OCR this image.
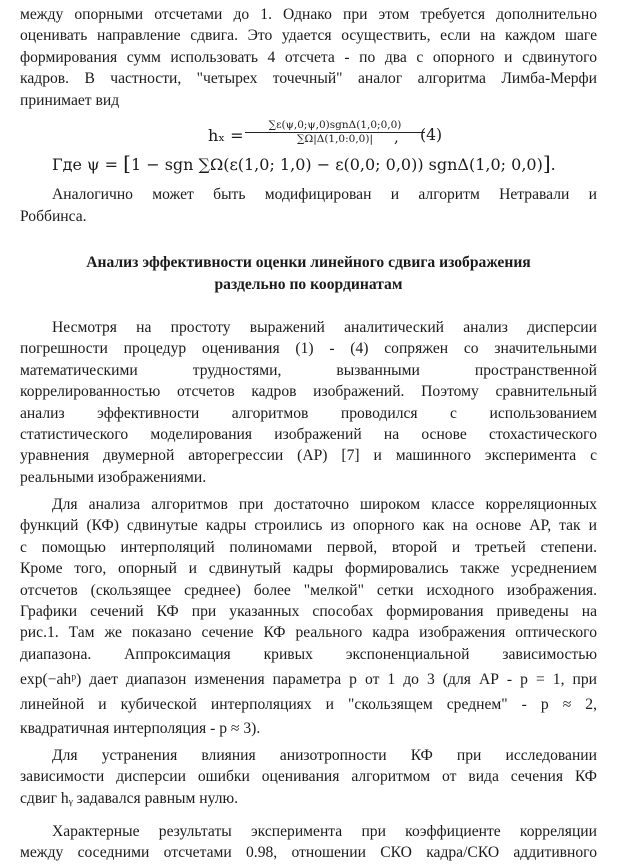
между опорными отсчетами до 1. Однако при этом требуется дополнительно
оценивать направление сдвига. Это удается осуществить, если на каждом шаге
формирования сумм использовать 4 отсчета - по два с опорного и сдвинутого
кадров. В частности, "четырех точечный" аналог алгоритма Лимба-Мерфи
принимает вид
hₓ =
∑ε(ψ,0;ψ,0)sgnΔ(1,0;0,0)
∑Ω|Δ(1,0:0,0)|	, (4)
Где ψ = [1 − sgn ∑Ω(ε(1,0; 1,0) − ε(0,0; 0,0)) sgnΔ(1,0; 0,0)].
Аналогично может быть модифицирован и алгоритм Нетравали и
Роббинса.
Анализ эффективности оценки линейного сдвига изображения
раздельно по координатам
Несмотря на простоту выражений аналитический анализ дисперсии
погрешности процедур оценивания (1) - (4) сопряжен со значительными
математическими трудностями, вызванными пространственной
коррелированностью отсчетов кадров изображений. Поэтому сравнительный
анализ эффективности алгоритмов проводился с использованием
статистического моделирования изображений на основе стохастического
уравнения двумерной авторегрессии (АР) [7] и машинного эксперимента с
реальными изображениями.
Для анализа алгоритмов при достаточно широком классе корреляционных
функций (КФ) сдвинутые кадры строились из опорного как на основе АР, так и
с помощью интерполяций полиномами первой, второй и третьей степени.
Кроме того, опорный и сдвинутый кадры формировались также усреднением
отсчетов (скользящее среднее) более "мелкой" сетки исходного изображения.
Графики сечений КФ при указанных способах формирования приведены на
рис.1. Там же показано сечение КФ реального кадра изображения оптического
диапазона. Аппроксимация кривых экспоненциальной зависимостью
exp(−ahᵖ) дает диапазон изменения параметра p от 1 до 3 (для АР - p = 1, при
линейной и кубической интерполяциях и "скользящем среднем" - p ≈ 2,
квадратичная интерполяция - p ≈ 3).
Для устранения влияния анизотропности КФ при исследовании
зависимости дисперсии ошибки оценивания алгоритмом от вида сечения КФ
сдвиг hᵧ задавался равным нулю.
Характерные результаты эксперимента при коэффициенте корреляции
между соседними отсчетами 0.98, отношении СКО кадра/СКО аддитивного
